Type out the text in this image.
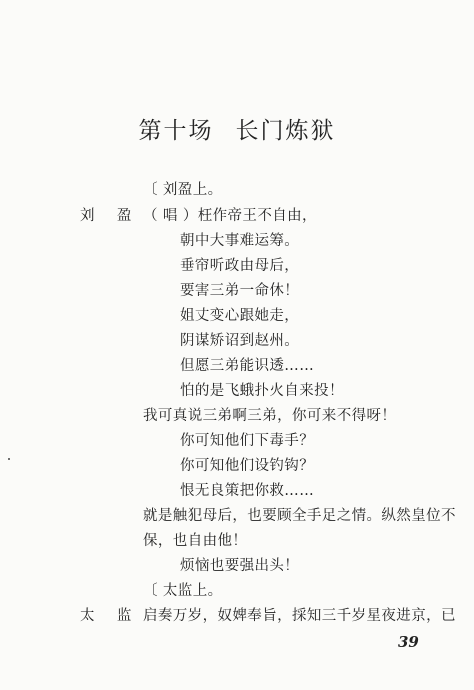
第十场 长门炼狱
〔 刘盈上。
刘 盈 （ 唱 ）枉作帝王不自由，
朝中大事难运筹。
垂帘听政由母后，
要害三弟一命休！
姐丈变心跟她走，
阴谋矫诏到赵州。
但愿三弟能识透……
怕的是飞蛾扑火自来投！
我可真说三弟啊三弟，你可来不得呀！
你可知他们下毒手？
你可知他们设钓钩？
恨无良策把你救……
就是触犯母后，也要顾全手足之情。纵然皇位不
保，也自由他！
烦恼也要强出头！
〔 太监上。
太 监 启奏万岁，奴婢奉旨，採知三千岁星夜进京，已
39
